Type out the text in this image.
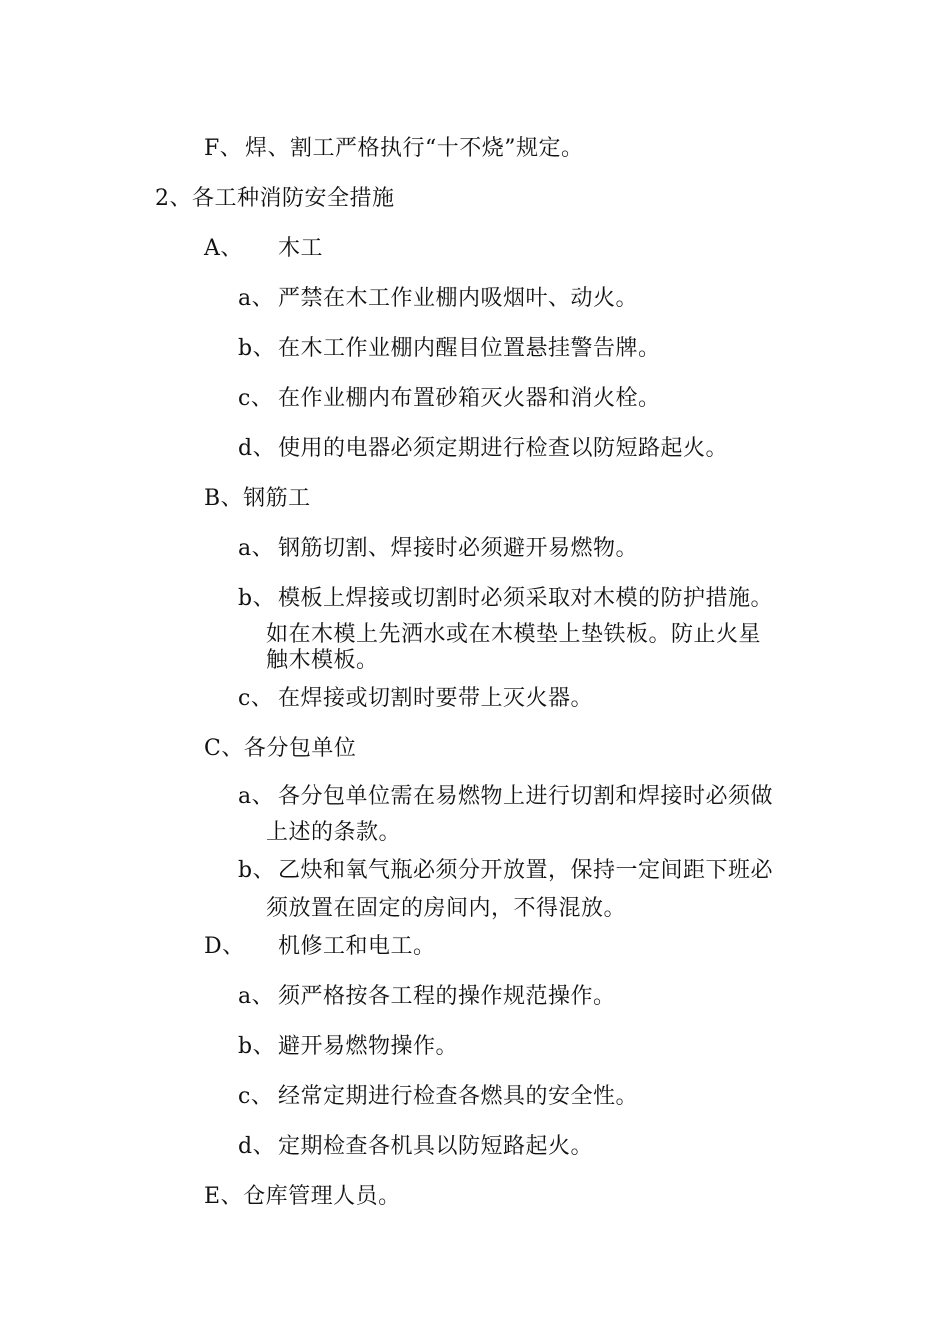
F、 焊、割工严格执行“十不烧”规定。
2、各工种消防安全措施
A、 木工
a、 严禁在木工作业棚内吸烟叶、动火。
b、 在木工作业棚内醒目位置悬挂警告牌。
c、 在作业棚内布置砂箱灭火器和消火栓。
d、 使用的电器必须定期进行检查以防短路起火。
B、钢筋工
a、 钢筋切割、焊接时必须避开易燃物。
b、 模板上焊接或切割时必须采取对木模的防护措施。
如在木模上先洒水或在木模垫上垫铁板。防止火星
触木模板。
c、 在焊接或切割时要带上灭火器。
C、各分包单位
a、 各分包单位需在易燃物上进行切割和焊接时必须做
上述的条款。
b、 乙炔和氧气瓶必须分开放置，保持一定间距下班必
须放置在固定的房间内，不得混放。
D、 机修工和电工。
a、 须严格按各工程的操作规范操作。
b、 避开易燃物操作。
c、 经常定期进行检查各燃具的安全性。
d、 定期检查各机具以防短路起火。
E、仓库管理人员。
